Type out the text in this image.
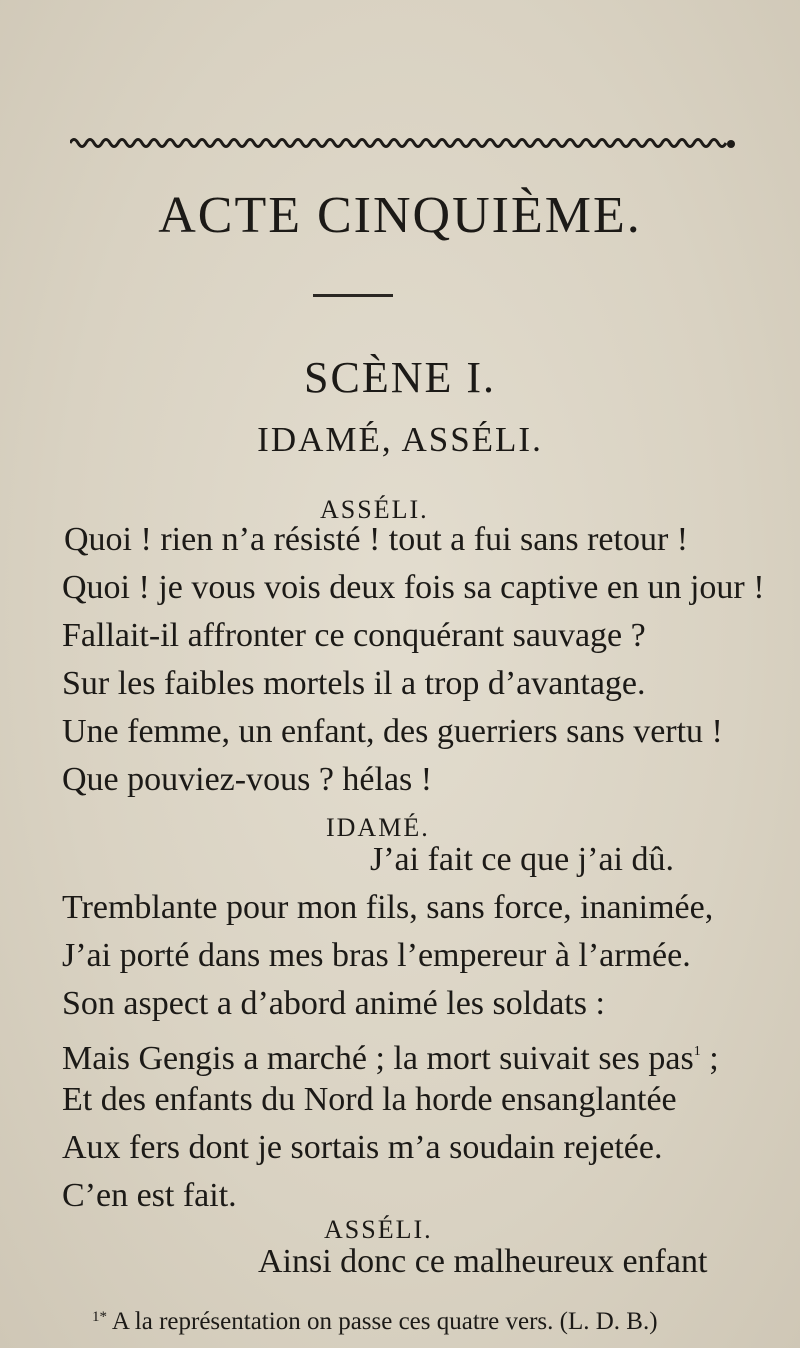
ACTE CINQUIÈME.
SCÈNE I.
IDAMÉ, ASSÉLI.
ASSÉLI.
Quoi ! rien n’a résisté ! tout a fui sans retour !
Quoi ! je vous vois deux fois sa captive en un jour !
Fallait-il affronter ce conquérant sauvage ?
Sur les faibles mortels il a trop d’avantage.
Une femme, un enfant, des guerriers sans vertu !
Que pouviez-vous ? hélas !
IDAMÉ.
J’ai fait ce que j’ai dû.
Tremblante pour mon fils, sans force, inanimée,
J’ai porté dans mes bras l’empereur à l’armée.
Son aspect a d’abord animé les soldats :
Mais Gengis a marché ; la mort suivait ses pas$^1$ ;
Et des enfants du Nord la horde ensanglantée
Aux fers dont je sortais m’a soudain rejetée.
C’en est fait.
ASSÉLI.
Ainsi donc ce malheureux enfant
$^{1*}$ A la représentation on passe ces quatre vers. (L. D. B.)
